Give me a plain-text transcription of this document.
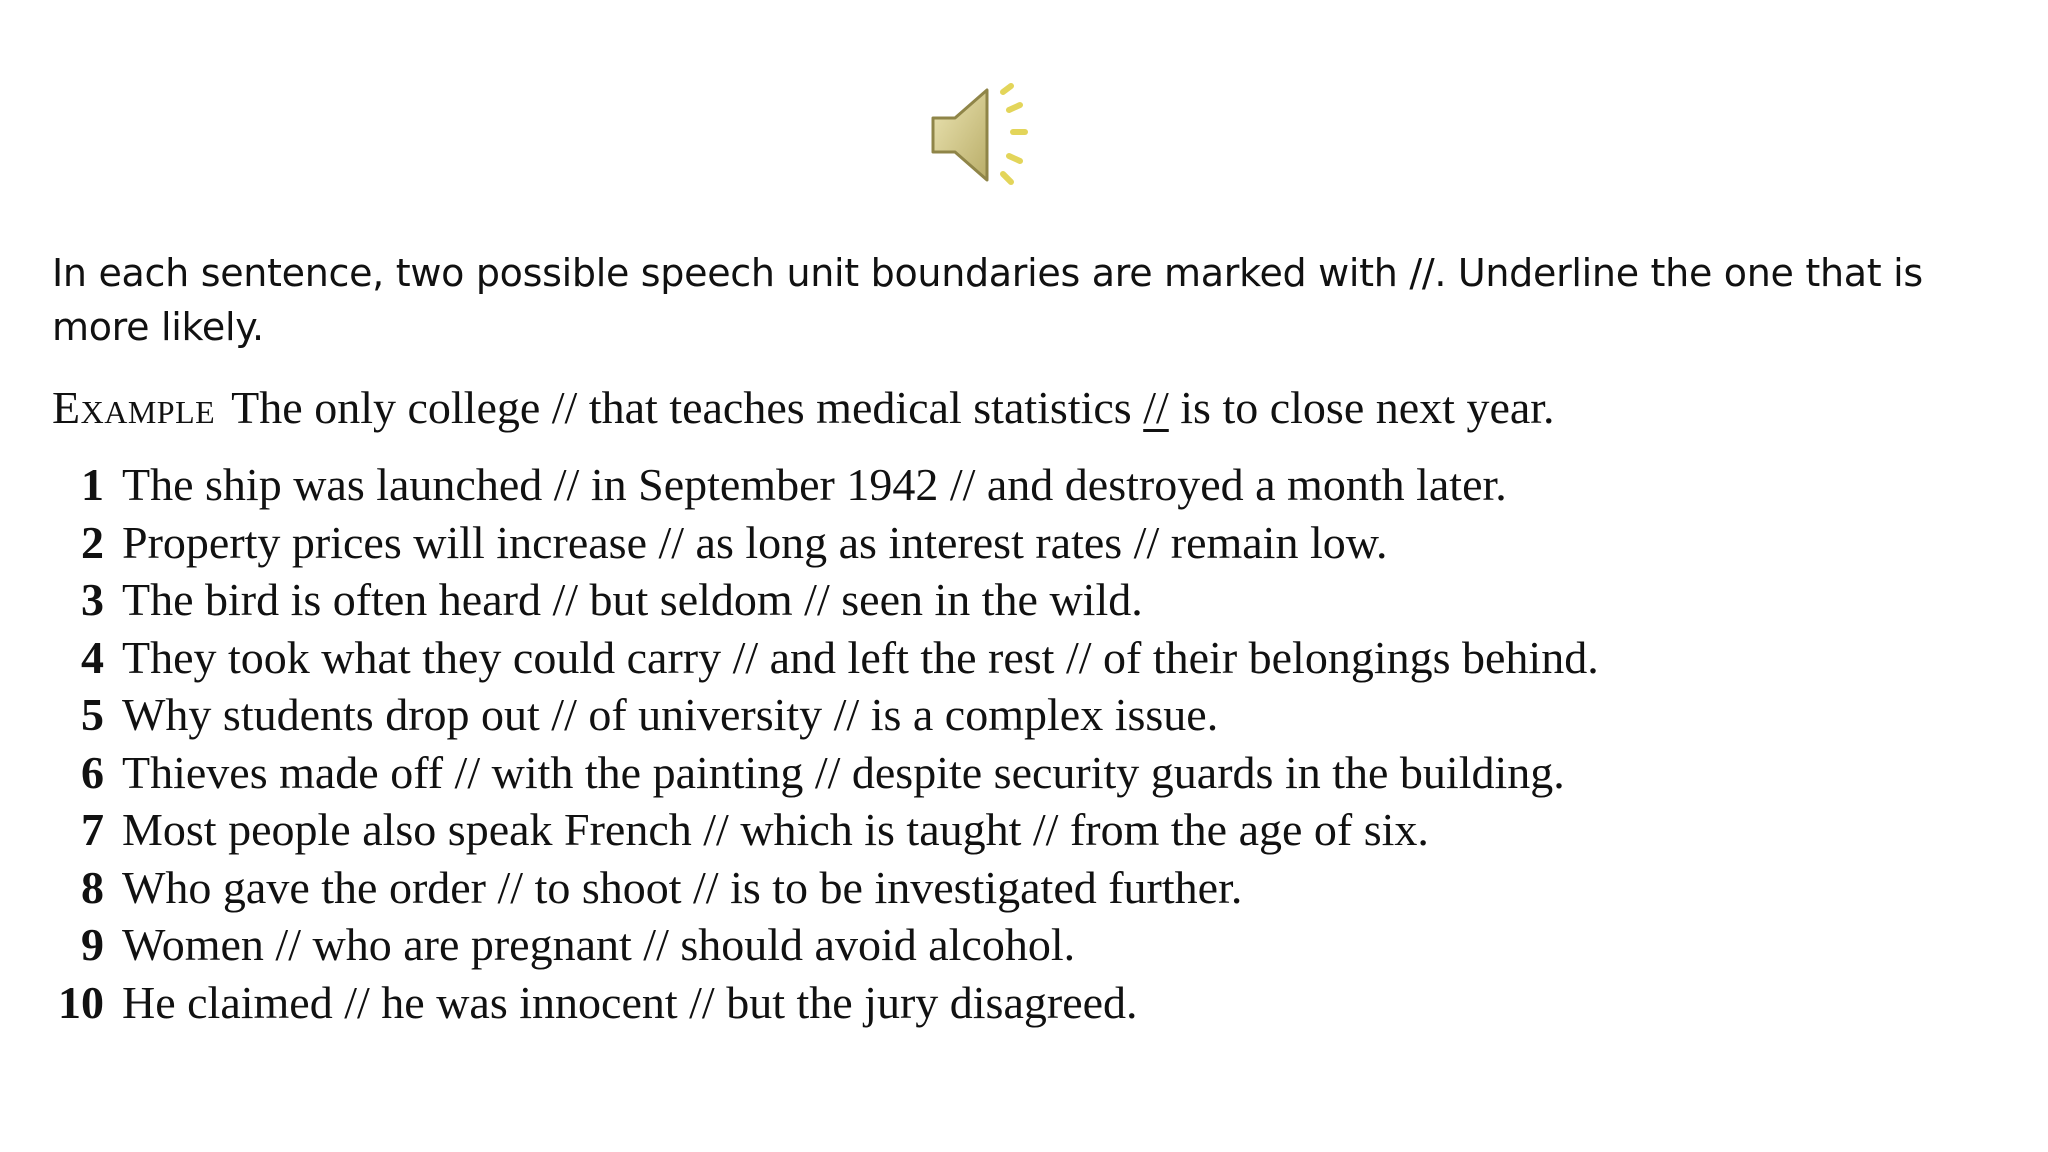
In each sentence, two possible speech unit boundaries are marked with //. Underline the one that is more likely.
Example The only college // that teaches medical statistics // is to close next year.
1 The ship was launched // in September 1942 // and destroyed a month later.
2 Property prices will increase // as long as interest rates // remain low.
3 The bird is often heard // but seldom // seen in the wild.
4 They took what they could carry // and left the rest // of their belongings behind.
5 Why students drop out // of university // is a complex issue.
6 Thieves made off // with the painting // despite security guards in the building.
7 Most people also speak French // which is taught // from the age of six.
8 Who gave the order // to shoot // is to be investigated further.
9 Women // who are pregnant // should avoid alcohol.
10 He claimed // he was innocent // but the jury disagreed.
